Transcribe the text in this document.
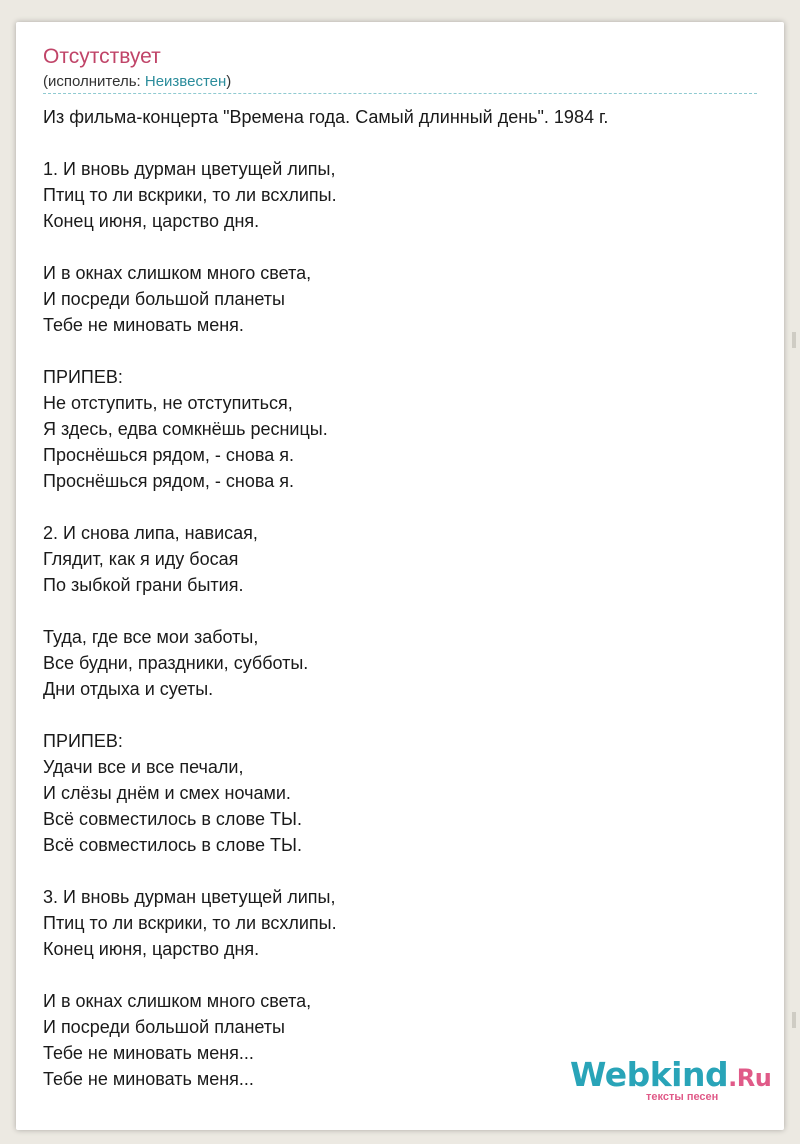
Отсутствует
(исполнитель: Неизвестен)
Из фильма-концерта "Времена года. Самый длинный день". 1984 г.
1. И вновь дурман цветущей липы,
Птиц то ли вскрики, то ли всхлипы.
Конец июня, царство дня.
И в окнах слишком много света,
И посреди большой планеты
Тебе не миновать меня.
ПРИПЕВ:
Не отступить, не отступиться,
Я здесь, едва сомкнёшь ресницы.
Проснёшься рядом, - снова я.
Проснёшься рядом, - снова я.
2. И снова липа, нависая,
Глядит, как я иду босая
По зыбкой грани бытия.
Туда, где все мои заботы,
Все будни, праздники, субботы.
Дни отдыха и суеты.
ПРИПЕВ:
Удачи все и все печали,
И слёзы днём и смех ночами.
Всё совместилось в слове ТЫ.
Всё совместилось в слове ТЫ.
3. И вновь дурман цветущей липы,
Птиц то ли вскрики, то ли всхлипы.
Конец июня, царство дня.
И в окнах слишком много света,
И посреди большой планеты
Тебе не миновать меня...
Тебе не миновать меня...	Webkind.Ru
тексты песен
